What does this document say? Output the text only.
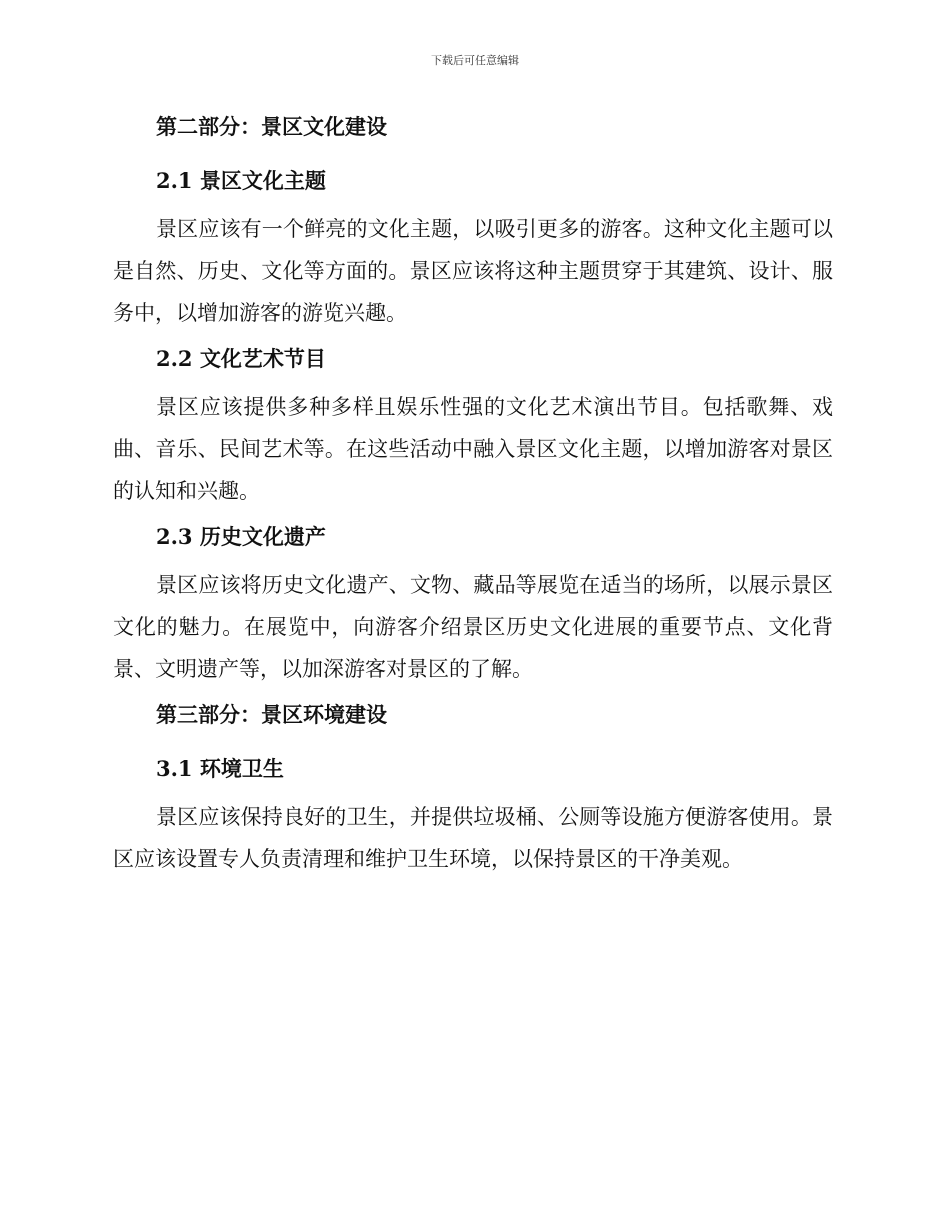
下载后可任意编辑
第二部分：景区文化建设
2.1 景区文化主题

景区应该有一个鲜亮的文化主题，以吸引更多的游客。这种文化主题可以是自然、历史、文化等方面的。景区应该将这种主题贯穿于其建筑、设计、服务中，以增加游客的游览兴趣。

2.2 文化艺术节目

景区应该提供多种多样且娱乐性强的文化艺术演出节目。包括歌舞、戏曲、音乐、民间艺术等。在这些活动中融入景区文化主题，以增加游客对景区的认知和兴趣。

2.3 历史文化遗产

景区应该将历史文化遗产、文物、藏品等展览在适当的场所，以展示景区文化的魅力。在展览中，向游客介绍景区历史文化进展的重要节点、文化背景、文明遗产等，以加深游客对景区的了解。

第三部分：景区环境建设
3.1 环境卫生

景区应该保持良好的卫生，并提供垃圾桶、公厕等设施方便游客使用。景区应该设置专人负责清理和维护卫生环境，以保持景区的干净美观。
